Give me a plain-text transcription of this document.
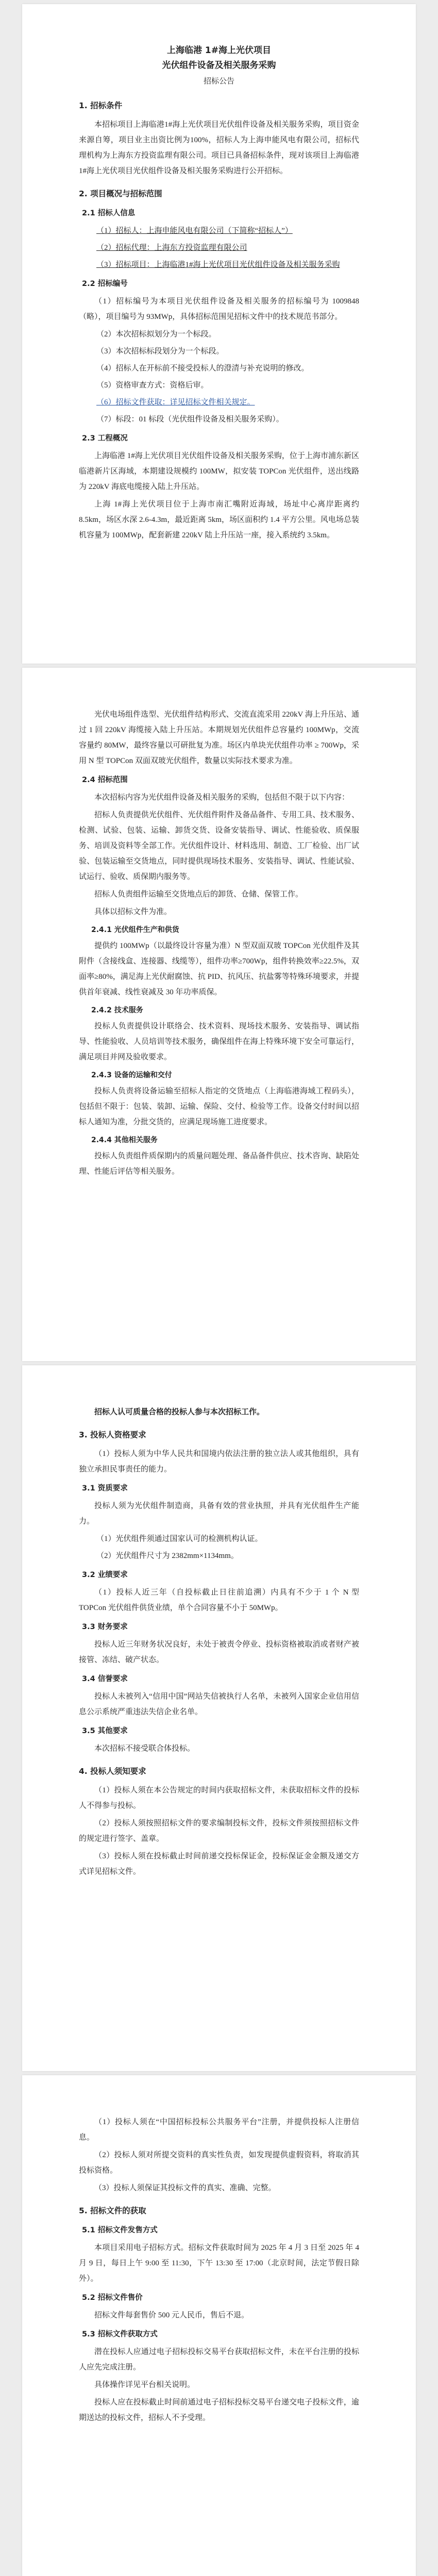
上海临港 1#海上光伏项目
光伏组件设备及相关服务采购
招标公告
1. 招标条件

本招标项目上海临港1#海上光伏项目光伏组件设备及相关服务采购，项目资金来源自筹，项目业主出资比例为100%，招标人为上海申能风电有限公司，招标代理机构为上海东方投资监理有限公司。项目已具备招标条件，现对该项目上海临港1#海上光伏项目光伏组件设备及相关服务采购进行公开招标。

2. 项目概况与招标范围
2.1 招标人信息
（1）招标人：上海申能风电有限公司（下简称“招标人”）
（2）招标代理：上海东方投资监理有限公司
（3）招标项目：上海临港1#海上光伏项目光伏组件设备及相关服务采购
2.2 招标编号

（1）招标编号为本项目光伏组件设备及相关服务的招标编号为 1009848（略），项目编号为 93MWp，具体招标范围见招标文件中的技术规范书部分。

（2）本次招标拟划分为一个标段。
（3）本次招标标段划分为一个标段。
（4）招标人在开标前不接受投标人的澄清与补充说明的修改。
（5）资格审查方式：资格后审。
（6）招标文件获取：详见招标文件相关规定。
（7）标段：01 标段（光伏组件设备及相关服务采购）。
2.3 工程概况

上海临港 1#海上光伏项目光伏组件设备及相关服务采购，位于上海市浦东新区临港新片区海域，本期建设规模约 100MW，拟安装 TOPCon 光伏组件，送出线路为 220kV 海底电缆接入陆上升压站。

上海 1#海上光伏项目位于上海市南汇嘴附近海域，场址中心离岸距离约 8.5km，场区水深 2.6-4.3m，最近距离 5km，场区面积约 1.4 平方公里。风电场总装机容量为 100MWp，配套新建 220kV 陆上升压站一座，接入系统约 3.5km。

光伏电场组件选型、光伏组件结构形式、交流直流采用 220kV 海上升压站、通过 1 回 220kV 海缆接入陆上升压站。本期规划光伏组件总容量约 100MWp，交流容量约 80MW，最终容量以可研批复为准。场区内单块光伏组件功率 ≥ 700Wp，采用 N 型 TOPCon 双面双玻光伏组件，数量以实际技术要求为准。

2.4 招标范围

本次招标内容为光伏组件设备及相关服务的采购，包括但不限于以下内容：

招标人负责提供光伏组件、光伏组件附件及备品备件、专用工具、技术服务、检测、试验、包装、运输、卸货交货、设备安装指导、调试、性能验收、质保服务、培训及资料等全部工作。光伏组件设计、材料选用、制造、工厂检验、出厂试验、包装运输至交货地点，同时提供现场技术服务、安装指导、调试、性能试验、试运行、验收、质保期内服务等。

招标人负责组件运输至交货地点后的卸货、仓储、保管工作。

具体以招标文件为准。

2.4.1 光伏组件生产和供货

提供约 100MWp（以最终设计容量为准）N 型双面双玻 TOPCon 光伏组件及其附件（含接线盒、连接器、线缆等），组件功率≥700Wp，组件转换效率≥22.5%，双面率≥80%，满足海上光伏耐腐蚀、抗 PID、抗风压、抗盐雾等特殊环境要求，并提供首年衰减、线性衰减及 30 年功率质保。

2.4.2 技术服务

投标人负责提供设计联络会、技术资料、现场技术服务、安装指导、调试指导、性能验收、人员培训等技术服务，确保组件在海上特殊环境下安全可靠运行，满足项目并网及验收要求。

2.4.3 设备的运输和交付

投标人负责将设备运输至招标人指定的交货地点（上海临港海域工程码头），包括但不限于：包装、装卸、运输、保险、交付、检验等工作。设备交付时间以招标人通知为准，分批交货的，应满足现场施工进度要求。

2.4.4 其他相关服务

投标人负责组件质保期内的质量问题处理、备品备件供应、技术咨询、缺陷处理、性能后评估等相关服务。

招标人认可质量合格的投标人参与本次招标工作。

3. 投标人资格要求

（1）投标人须为中华人民共和国境内依法注册的独立法人或其他组织，具有独立承担民事责任的能力。

3.1 资质要求

投标人须为光伏组件制造商，具备有效的营业执照，并具有光伏组件生产能力。

（1）光伏组件须通过国家认可的检测机构认证。
（2）光伏组件尺寸为 2382mm×1134mm。
3.2 业绩要求

（1）投标人近三年（自投标截止日往前追溯）内具有不少于 1 个 N 型 TOPCon 光伏组件供货业绩，单个合同容量不小于 50MWp。

3.3 财务要求

投标人近三年财务状况良好，未处于被责令停业、投标资格被取消或者财产被接管、冻结、破产状态。

3.4 信誉要求

投标人未被列入“信用中国”网站失信被执行人名单，未被列入国家企业信用信息公示系统严重违法失信企业名单。

3.5 其他要求

本次招标不接受联合体投标。

4. 投标人须知要求

（1）投标人须在本公告规定的时间内获取招标文件，未获取招标文件的投标人不得参与投标。

（2）投标人须按照招标文件的要求编制投标文件，投标文件须按照招标文件的规定进行签字、盖章。

（3）投标人须在投标截止时间前递交投标保证金，投标保证金金额及递交方式详见招标文件。

（1）投标人须在“中国招标投标公共服务平台”注册，并提供投标人注册信息。

（2）投标人须对所提交资料的真实性负责，如发现提供虚假资料，将取消其投标资格。

（3）投标人须保证其投标文件的真实、准确、完整。

5. 招标文件的获取
5.1 招标文件发售方式

本项目采用电子招标方式。招标文件获取时间为 2025 年 4 月 3 日至 2025 年 4 月 9 日，每日上午 9:00 至 11:30，下午 13:30 至 17:00（北京时间，法定节假日除外）。

5.2 招标文件售价

招标文件每套售价 500 元人民币，售后不退。

5.3 招标文件获取方式

潜在投标人应通过电子招标投标交易平台获取招标文件，未在平台注册的投标人应先完成注册。

具体操作详见平台相关说明。

投标人应在投标截止时间前通过电子招标投标交易平台递交电子投标文件，逾期送达的投标文件，招标人不予受理。
